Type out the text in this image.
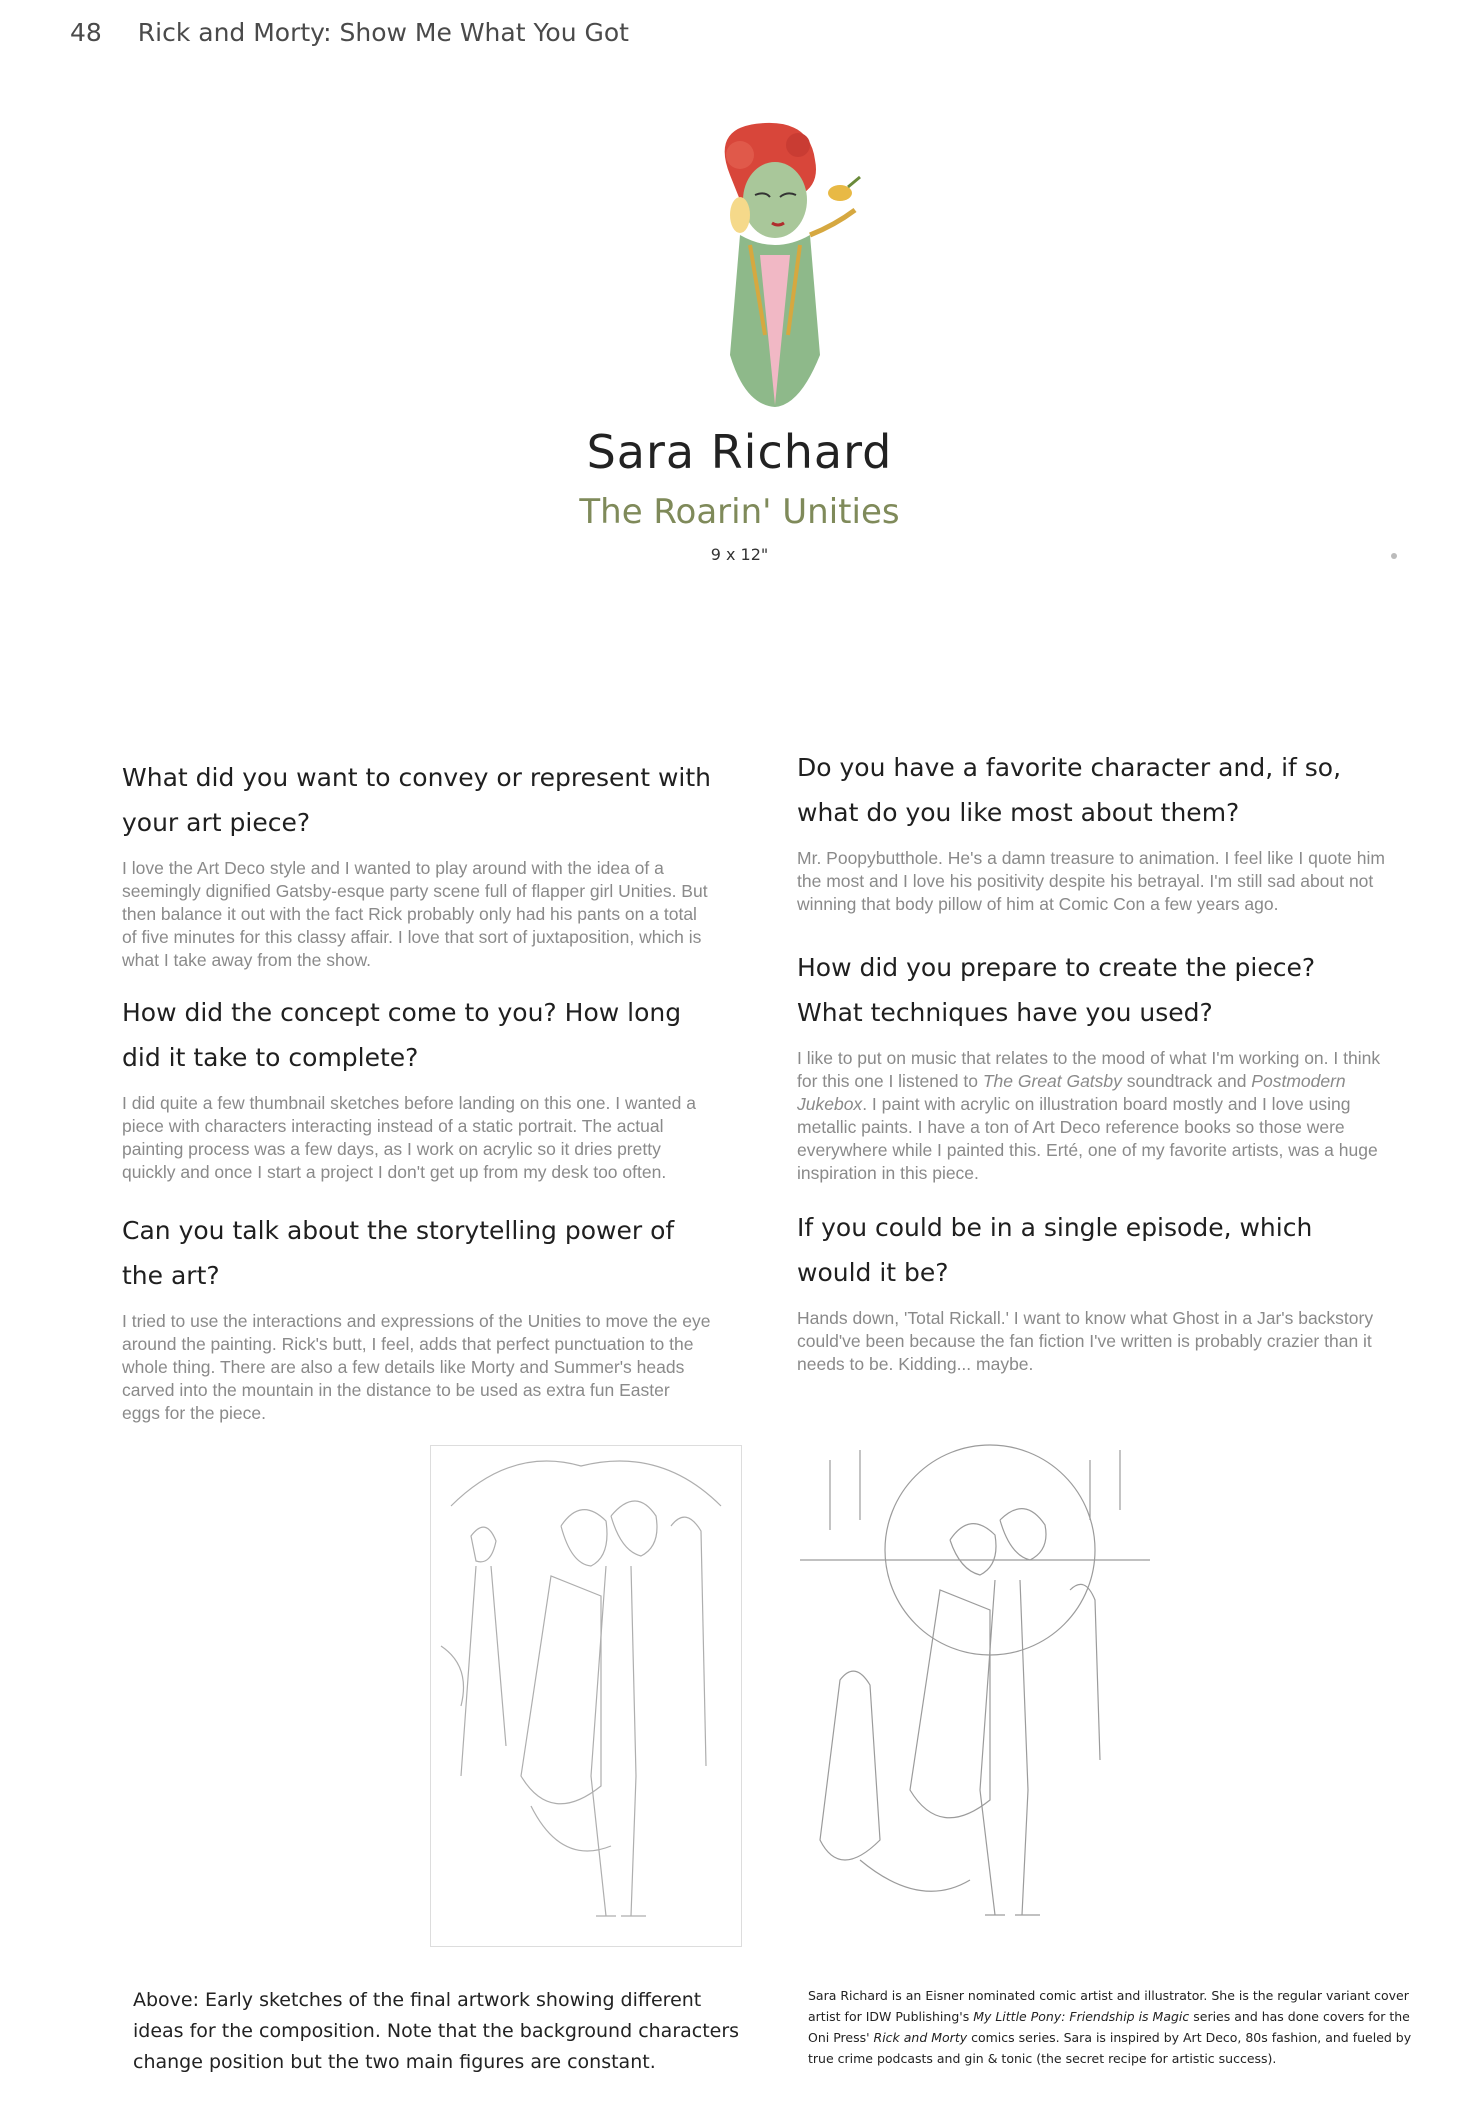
48 Rick and Morty: Show Me What You Got
Sara Richard
The Roarin' Unities
9 x 12"
What did you want to convey or represent with your art piece?

I love the Art Deco style and I wanted to play around with the idea of a seemingly dignified Gatsby-esque party scene full of flapper girl Unities. But then balance it out with the fact Rick probably only had his pants on a total of five minutes for this classy affair. I love that sort of juxtaposition, which is what I take away from the show.

How did the concept come to you? How long did it take to complete?

I did quite a few thumbnail sketches before landing on this one. I wanted a piece with characters interacting instead of a static portrait. The actual painting process was a few days, as I work on acrylic so it dries pretty quickly and once I start a project I don't get up from my desk too often.

Can you talk about the storytelling power of the art?

I tried to use the interactions and expressions of the Unities to move the eye around the painting. Rick's butt, I feel, adds that perfect punctuation to the whole thing. There are also a few details like Morty and Summer's heads carved into the mountain in the distance to be used as extra fun Easter eggs for the piece.

Do you have a favorite character and, if so, what do you like most about them?

Mr. Poopybutthole. He's a damn treasure to animation. I feel like I quote him the most and I love his positivity despite his betrayal. I'm still sad about not winning that body pillow of him at Comic Con a few years ago.

How did you prepare to create the piece? What techniques have you used?

I like to put on music that relates to the mood of what I'm working on. I think for this one I listened to The Great Gatsby soundtrack and Postmodern Jukebox. I paint with acrylic on illustration board mostly and I love using metallic paints. I have a ton of Art Deco reference books so those were everywhere while I painted this. Erté, one of my favorite artists, was a huge inspiration in this piece.

If you could be in a single episode, which would it be?

Hands down, 'Total Rickall.' I want to know what Ghost in a Jar's backstory could've been because the fan fiction I've written is probably crazier than it needs to be. Kidding... maybe.

Above: Early sketches of the final artwork showing different ideas for the composition. Note that the background characters change position but the two main figures are constant.
Sara Richard is an Eisner nominated comic artist and illustrator. She is the regular variant cover artist for IDW Publishing's My Little Pony: Friendship is Magic series and has done covers for the Oni Press' Rick and Morty comics series. Sara is inspired by Art Deco, 80s fashion, and fueled by true crime podcasts and gin & tonic (the secret recipe for artistic success).
